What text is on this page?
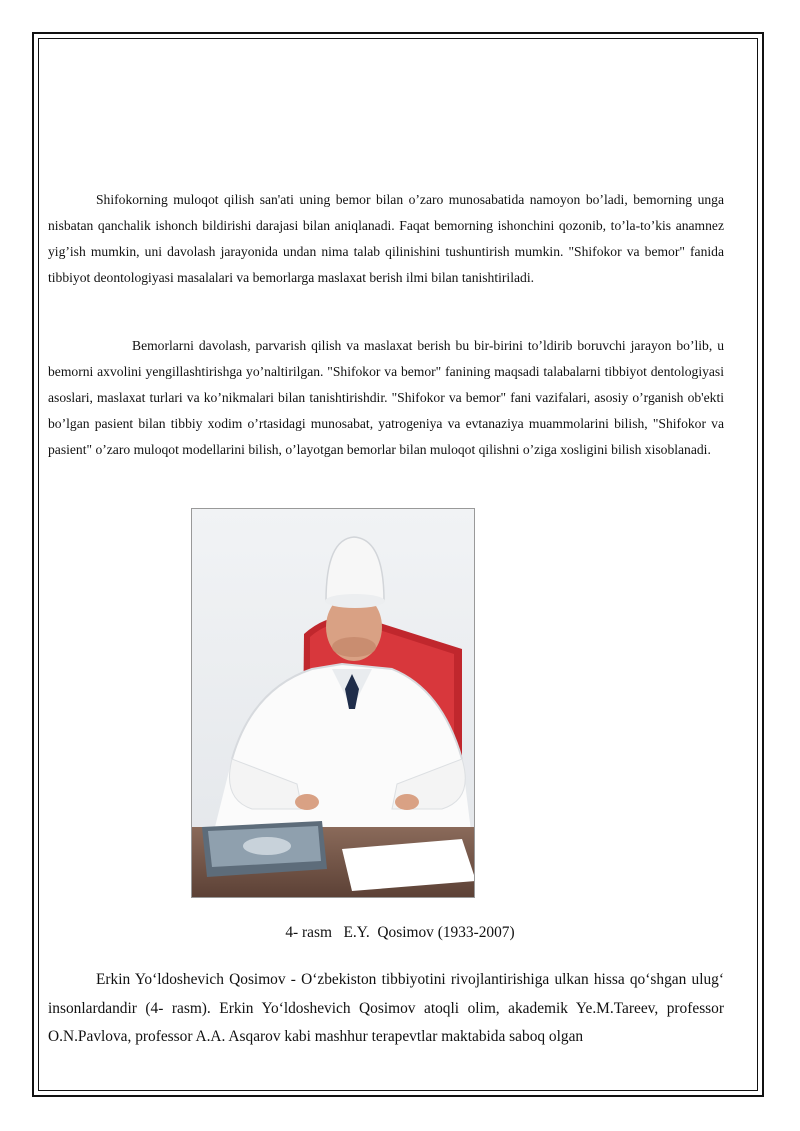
Shifokorning muloqot qilish san'ati uning bemor bilan o’zaro munosabatida namoyon bo’ladi, bemorning unga nisbatan qanchalik ishonch bildirishi darajasi bilan aniqlanadi. Faqat bemorning ishonchini qozonib, to’la-to’kis anamnez yig’ish mumkin, uni davolash jarayonida undan nima talab qilinishini tushuntirish mumkin. "Shifokor va bemor" fanida tibbiyot deontologiyasi masalalari va bemorlarga maslaxat berish ilmi bilan tanishtiriladi.

Bemorlarni davolash, parvarish qilish va maslaxat berish bu bir-birini to’ldirib boruvchi jarayon bo’lib, u bemorni axvolini yengillashtirishga yo’naltirilgan. "Shifokor va bemor" fanining maqsadi talabalarni tibbiyot dentologiyasi asoslari, maslaxat turlari va ko’nikmalari bilan tanishtirishdir. "Shifokor va bemor" fani vazifalari, asosiy o’rganish ob'ekti bo’lgan pasient bilan tibbiy xodim o’rtasidagi munosabat, yatrogeniya va evtanaziya muammolarini bilish, "Shifokor va pasient" o’zaro muloqot modellarini bilish, o’layotgan bemorlar bilan muloqot qilishni o’ziga xosligini bilish xisoblanadi.

4- rasm   E.Y.  Qosimov (1933-2007)

Erkin Yo‘ldoshevich Qosimov - O‘zbekiston tibbiyotini rivojlantirishiga ulkan hissa qo‘shgan ulug‘ insonlardandir (4- rasm). Erkin Yo‘ldoshevich Qosimov atoqli olim, akademik Ye.M.Tareev, professor O.N.Pavlova, professor A.A. Asqarov kabi mashhur terapevtlar maktabida saboq olgan
